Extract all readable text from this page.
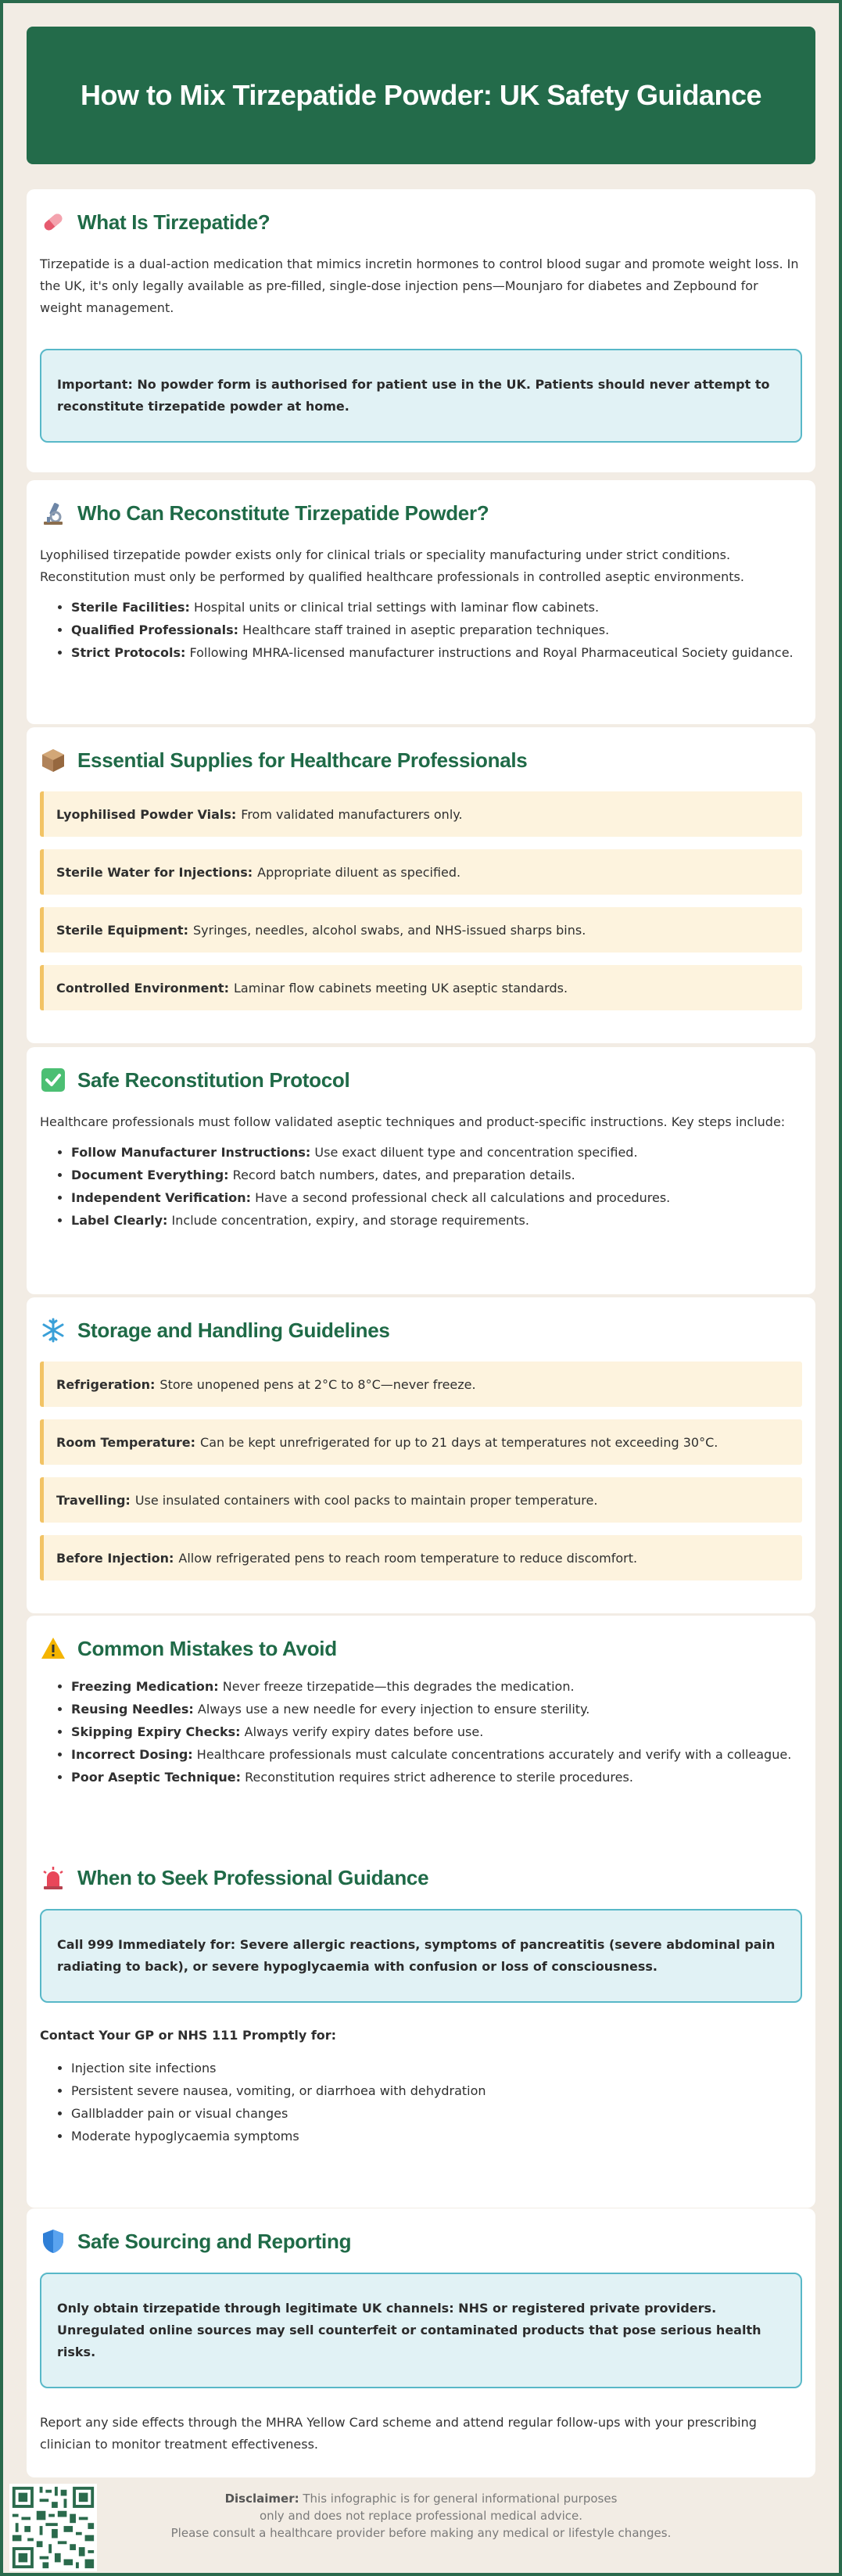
How to Mix Tirzepatide Powder: UK Safety Guidance
What Is Tirzepatide?

Tirzepatide is a dual-action medication that mimics incretin hormones to control blood sugar and promote weight loss. In the UK, it's only legally available as pre-filled, single-dose injection pens—Mounjaro for diabetes and Zepbound for weight management.

Important: No powder form is authorised for patient use in the UK. Patients should never attempt to reconstitute tirzepatide powder at home.
Who Can Reconstitute Tirzepatide Powder?

Lyophilised tirzepatide powder exists only for clinical trials or speciality manufacturing under strict conditions. Reconstitution must only be performed by qualified healthcare professionals in controlled aseptic environments.

• Sterile Facilities: Hospital units or clinical trial settings with laminar flow cabinets.
• Qualified Professionals: Healthcare staff trained in aseptic preparation techniques.
• Strict Protocols: Following MHRA-licensed manufacturer instructions and Royal Pharmaceutical Society guidance.
Essential Supplies for Healthcare Professionals
Lyophilised Powder Vials: From validated manufacturers only.
Sterile Water for Injections: Appropriate diluent as specified.
Sterile Equipment: Syringes, needles, alcohol swabs, and NHS-issued sharps bins.
Controlled Environment: Laminar flow cabinets meeting UK aseptic standards.
Safe Reconstitution Protocol

Healthcare professionals must follow validated aseptic techniques and product-specific instructions. Key steps include:

• Follow Manufacturer Instructions: Use exact diluent type and concentration specified.
• Document Everything: Record batch numbers, dates, and preparation details.
• Independent Verification: Have a second professional check all calculations and procedures.
• Label Clearly: Include concentration, expiry, and storage requirements.
Storage and Handling Guidelines
Refrigeration: Store unopened pens at 2°C to 8°C—never freeze.
Room Temperature: Can be kept unrefrigerated for up to 21 days at temperatures not exceeding 30°C.
Travelling: Use insulated containers with cool packs to maintain proper temperature.
Before Injection: Allow refrigerated pens to reach room temperature to reduce discomfort.
Common Mistakes to Avoid
• Freezing Medication: Never freeze tirzepatide—this degrades the medication.
• Reusing Needles: Always use a new needle for every injection to ensure sterility.
• Skipping Expiry Checks: Always verify expiry dates before use.
• Incorrect Dosing: Healthcare professionals must calculate concentrations accurately and verify with a colleague.
• Poor Aseptic Technique: Reconstitution requires strict adherence to sterile procedures.
When to Seek Professional Guidance
Call 999 Immediately for: Severe allergic reactions, symptoms of pancreatitis (severe abdominal pain radiating to back), or severe hypoglycaemia with confusion or loss of consciousness.
Contact Your GP or NHS 111 Promptly for:
• Injection site infections
• Persistent severe nausea, vomiting, or diarrhoea with dehydration
• Gallbladder pain or visual changes
• Moderate hypoglycaemia symptoms
Safe Sourcing and Reporting
Only obtain tirzepatide through legitimate UK channels: NHS or registered private providers. Unregulated online sources may sell counterfeit or contaminated products that pose serious health risks.

Report any side effects through the MHRA Yellow Card scheme and attend regular follow-ups with your prescribing clinician to monitor treatment effectiveness.

Disclaimer: This infographic is for general informational purposes
only and does not replace professional medical advice.
Please consult a healthcare provider before making any medical or lifestyle changes.
